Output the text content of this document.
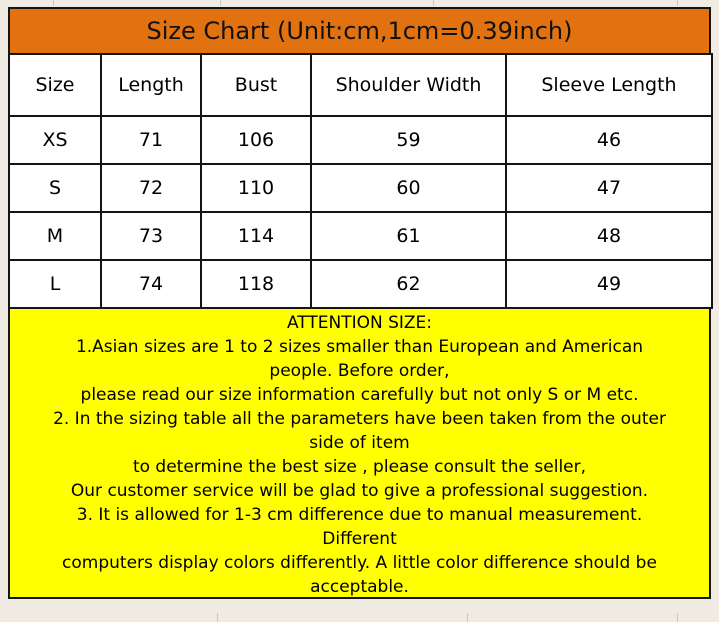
Size Chart (Unit:cm,1cm=0.39inch)
Size	Length	Bust	Shoulder Width	Sleeve Length
XS	71	106	59	46
S	72	110	60	47
M	73	114	61	48
L	74	118	62	49
ATTENTION SIZE:
1.Asian sizes are 1 to 2 sizes smaller than European and American
people. Before order,
please read our size information carefully but not only S or M etc.
2. In the sizing table all the parameters have been taken from the outer
side of item
to determine the best size , please consult the seller,
Our customer service will be glad to give a professional suggestion.
3. It is allowed for 1-3 cm difference due to manual measurement.
Different
computers display colors differently. A little color difference should be
acceptable.
